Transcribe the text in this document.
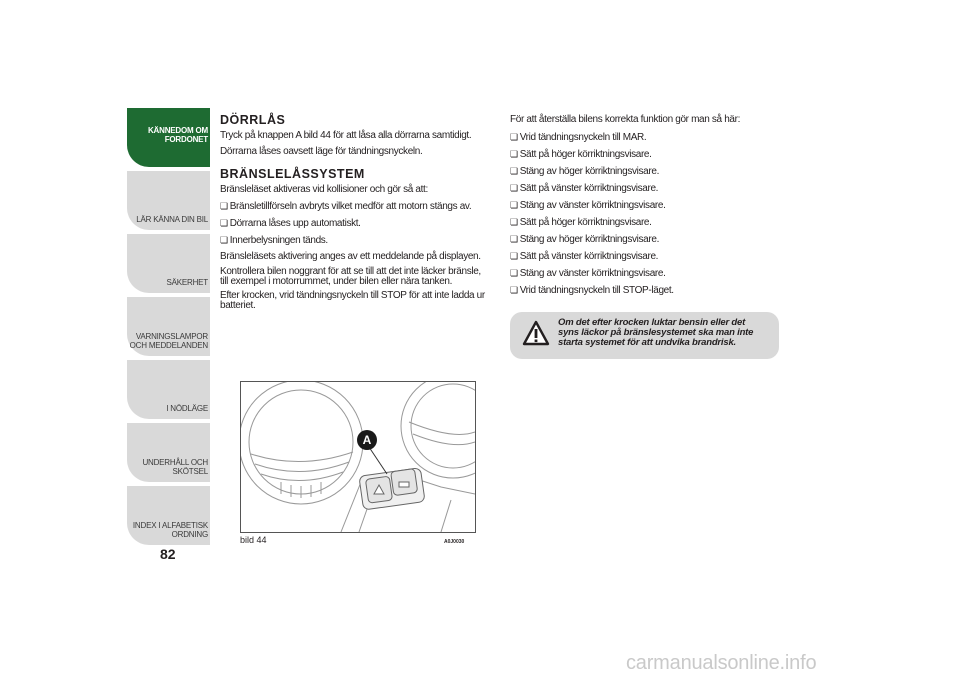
KÄNNEDOM OM
FORDONET
LÄR KÄNNA DIN BIL
SÄKERHET
VARNINGSLAMPOR
OCH MEDDELANDEN
I NÖDLÄGE
UNDERHÅLL OCH
SKÖTSEL
INDEX I ALFABETISK
ORDNING
82
DÖRRLÅS

Tryck på knappen A bild 44 för att låsa alla dörrarna samtidigt.

Dörrarna låses oavsett läge för tändningsnyckeln.

BRÄNSLELÅSSYSTEM

Bränsleläset aktiveras vid kollisioner och gör så att:

❏ Bränsletillförseln avbryts vilket medför att motorn stängs av.

❏ Dörrarna låses upp automatiskt.

❏ Innerbelysningen tänds.

Bränsleläsets aktivering anges av ett meddelande på displayen.

Kontrollera bilen noggrant för att se till att det inte läcker bränsle, till exempel i motorrummet, under bilen eller nära tanken.

Efter krocken, vrid tändningsnyckeln till STOP för att inte ladda ur batteriet.

A
bild 44	A0J0030

För att återställa bilens korrekta funktion gör man så här:

❏ Vrid tändningsnyckeln till MAR.

❏ Sätt på höger körriktningsvisare.

❏ Stäng av höger körriktningsvisare.

❏ Sätt på vänster körriktningsvisare.

❏ Stäng av vänster körriktningsvisare.

❏ Sätt på höger körriktningsvisare.

❏ Stäng av höger körriktningsvisare.

❏ Sätt på vänster körriktningsvisare.

❏ Stäng av vänster körriktningsvisare.

❏ Vrid tändningsnyckeln till STOP-läget.

Om det efter krocken luktar bensin eller det syns läckor på bränslesystemet ska man inte starta systemet för att undvika brandrisk.
carmanualsonline.info
